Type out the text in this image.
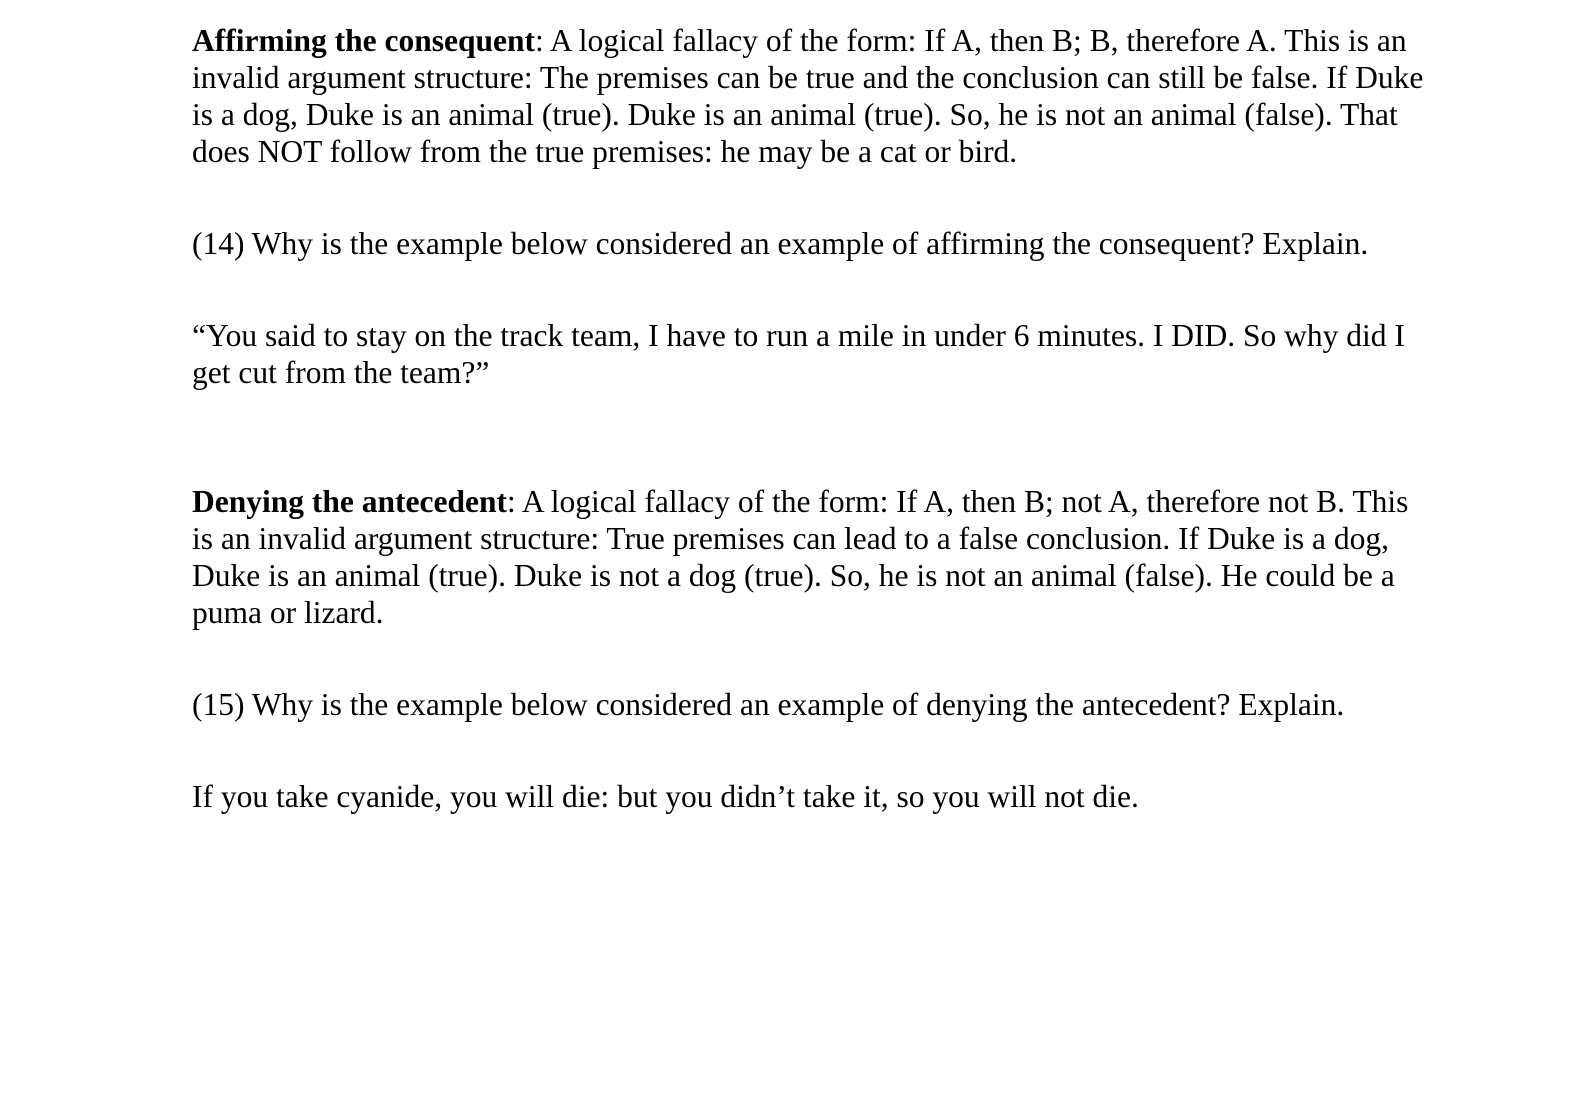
Affirming the consequent: A logical fallacy of the form: If A, then B; B, therefore A. This is an invalid argument structure: The premises can be true and the conclusion can still be false. If Duke is a dog, Duke is an animal (true). Duke is an animal (true). So, he is not an animal (false). That does NOT follow from the true premises: he may be a cat or bird.

(14) Why is the example below considered an example of affirming the consequent? Explain.

“You said to stay on the track team, I have to run a mile in under 6 minutes. I DID. So why did I get cut from the team?”

Denying the antecedent: A logical fallacy of the form: If A, then B; not A, therefore not B. This is an invalid argument structure: True premises can lead to a false conclusion. If Duke is a dog, Duke is an animal (true). Duke is not a dog (true). So, he is not an animal (false). He could be a puma or lizard.

(15) Why is the example below considered an example of denying the antecedent? Explain.

If you take cyanide, you will die: but you didn’t take it, so you will not die.
